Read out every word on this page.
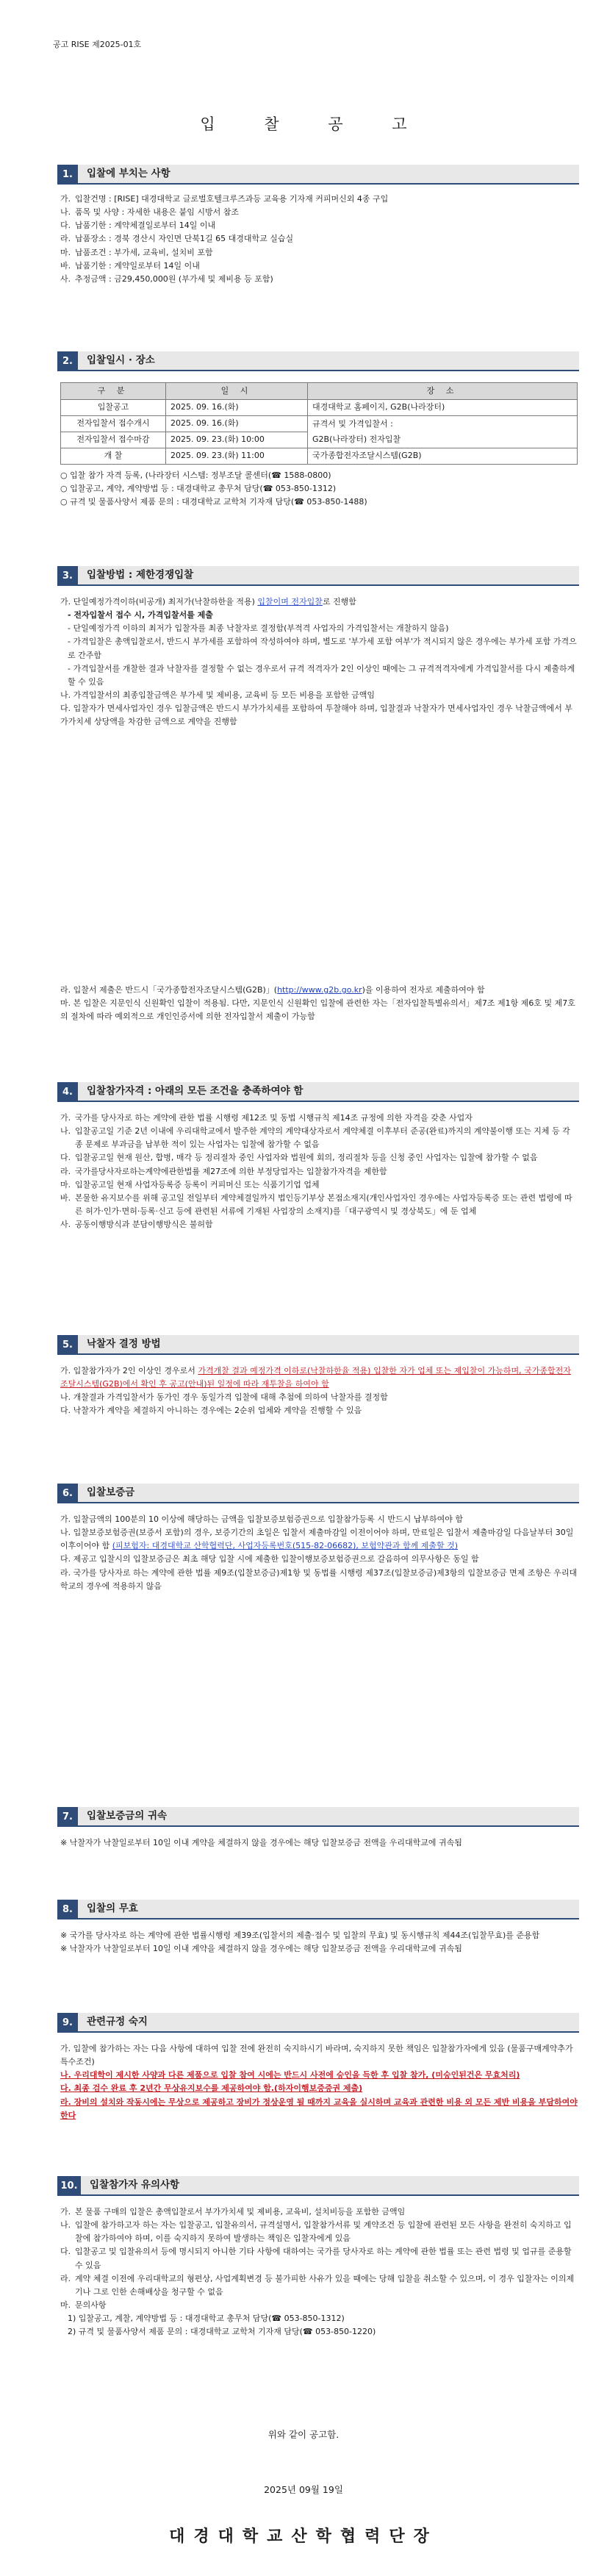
공고 RISE 제2025-01호
입 찰 공 고
1.	입찰에 부치는 사항
가. 입찰건명 : [RISE] 대경대학교 글로벌호텔크루즈과등 교육용 기자재 커피머신외 4종 구입
나. 품목 및 사양 : 자세한 내용은 붙임 시방서 참조
다. 납품기한 : 계약체결일로부터 14일 이내
라. 납품장소 : 경북 경산시 자인면 단북1길 65 대경대학교 실습실
마. 납품조건 : 부가세, 교육비, 설치비 포함
바. 납품기한 : 계약일로부터 14일 이내
사. 추정금액 : 금29,450,000원 (부가세 및 제비용 등 포함)
2.	입찰일시 · 장소
구 분	일 시	장 소
입찰공고	2025. 09. 16.(화)	대경대학교 홈페이지, G2B(나라장터)
전자입찰서 접수개시	2025. 09. 16.(화)	규격서 및 가격입찰서 :
전자입찰서 접수마감	2025. 09. 23.(화) 10:00	G2B(나라장터) 전자입찰
개 찰	2025. 09. 23.(화) 11:00	국가종합전자조달시스템(G2B)

○ 입찰 참가 자격 등록, (나라장터 시스템: 정부조달 콜센터(☎ 1588-0800)

○ 입찰공고, 계약, 계약방법 등 : 대경대학교 총무처 담당(☎ 053-850-1312)

○ 규격 및 물품사양서 제품 문의 : 대경대학교 교학처 기자재 담당(☎ 053-850-1488)

3.	입찰방법 : 제한경쟁입찰

가. 단일예정가격이하(비공개) 최저가(낙찰하한율 적용) 입찰이며 전자입찰로 진행함

- 전자입찰서 접수 시, 가격입찰서를 제출

- 단일예정가격 이하의 최저가 입찰자를 최종 낙찰자로 결정함(부적격 사업자의 가격입찰서는 개찰하지 않음)

- 가격입찰은 총액입찰로서, 반드시 부가세를 포함하여 작성하여야 하며, 별도로 '부가세 포함 여부'가 적시되지 않은 경우에는 부가세 포함 가격으로 간주함

- 가격입찰서를 개찰한 결과 낙찰자를 결정할 수 없는 경우로서 규격 적격자가 2인 이상인 때에는 그 규격적격자에게 가격입찰서를 다시 제출하게 할 수 있음

나. 가격입찰서의 최종입찰금액은 부가세 및 제비용, 교육비 등 모든 비용을 포함한 금액임

다. 입찰자가 면세사업자인 경우 입찰금액은 반드시 부가가치세를 포함하여 투찰해야 하며, 입찰결과 낙찰자가 면세사업자인 경우 낙찰금액에서 부가가치세 상당액을 차감한 금액으로 계약을 진행함

라. 입찰서 제출은 반드시「국가종합전자조달시스템(G2B)」(http://www.g2b.go.kr)을 이용하여 전자로 제출하여야 함

마. 본 입찰은 지문인식 신원확인 입찰이 적용됨. 다만, 지문인식 신원확인 입찰에 관련한 자는「전자입찰특별유의서」제7조 제1항 제6호 및 제7호의 절차에 따라 예외적으로 개인인증서에 의한 전자입찰서 제출이 가능함

4.	입찰참가자격 : 아래의 모든 조건을 충족하여야 함
가. 국가를 당사자로 하는 계약에 관한 법률 시행령 제12조 및 동법 시행규칙 제14조 규정에 의한 자격을 갖춘 사업자
나. 입찰공고일 기준 2년 이내에 우리대학교에서 발주한 계약의 계약대상자로서 계약체결 이후부터 준공(완료)까지의 계약불이행 또는 지체 등 각종 문제로 부과금을 납부한 적이 있는 사업자는 입찰에 참가할 수 없음
다. 입찰공고일 현재 원산, 합병, 매각 등 정리절차 중인 사업자와 법원에 회의, 정리절차 등을 신청 중인 사업자는 입찰에 참가할 수 없음
라. 국가를당사자로하는계약에관한법률 제27조에 의한 부정당업자는 입찰참가자격을 제한함
마. 입찰공고일 현재 사업자등록증 등록이 커피머신 또는 식품기기업 업체
바. 본물한 유지보수를 위해 공고일 전일부터 계약체결일까지 법인등기부상 본점소재지(개인사업자인 경우에는 사업자등록증 또는 관련 법령에 따른 허가·인가·면허·등록·신고 등에 관련된 서류에 기재된 사업장의 소재지)를「대구광역시 및 경상북도」에 둔 업체
사. 공동이행방식과 분담이행방식은 불허함
5.	낙찰자 결정 방법

가. 입찰참가자가 2인 이상인 경우로서 가격개찰 결과 예정가격 이하로(낙찰하한율 적용) 입찰한 자가 업체 또는 제입찰이 가능하며, 국가종합전자조달시스템(G2B)에서 확인 후 공고(안내)된 일정에 따라 재투찰을 하여야 함

나. 개찰결과 가격입찰서가 동가인 경우 동일가격 입찰에 대해 추첨에 의하여 낙찰자를 결정함

다. 낙찰자가 계약을 체결하지 아니하는 경우에는 2순위 업체와 계약을 진행할 수 있음

6.	입찰보증금

가. 입찰금액의 100분의 10 이상에 해당하는 금액을 입찰보증보험증권으로 입찰참가등록 시 반드시 납부하여야 함

나. 입찰보증보험증권(보증서 포함)의 경우, 보증기간의 초일은 입찰서 제출마감일 이전이어야 하며, 만료일은 입찰서 제출마감일 다음날부터 30일 이후이어야 함 (피보험자: 대경대학교 산학협력단, 사업자등록번호(515-82-06682), 보험약관과 함께 제출할 것)

다. 제공고 입찰시의 입찰보증금은 최초 해당 입찰 시에 제출한 입찰이행보증보험증권으로 갈음하여 의무사항은 동일 함

라. 국가를 당사자로 하는 계약에 관한 법률 제9조(입찰보증금)제1항 및 동법률 시행령 제37조(입찰보증금)제3항의 입찰보증금 면제 조항은 우리대학교의 경우에 적용하지 않음

7.	입찰보증금의 귀속

※ 낙찰자가 낙찰일로부터 10일 이내 계약을 체결하지 않을 경우에는 해당 입찰보증금 전액을 우리대학교에 귀속됨

8.	입찰의 무효

※ 국가를 당사자로 하는 계약에 관한 법률시행령 제39조(입찰서의 제출·접수 및 입찰의 무효) 및 동시행규칙 제44조(입찰무효)를 준용함

※ 낙찰자가 낙찰일로부터 10일 이내 계약을 체결하지 않을 경우에는 해당 입찰보증금 전액을 우리대학교에 귀속됨

9.	관련규정 숙지

가. 입찰에 참가하는 자는 다음 사항에 대하여 입찰 전에 완전히 숙지하시기 바라며, 숙지하지 못한 책임은 입찰참가자에게 있음 (물품구매계약추가특수조건)

나. 우리대학이 제시한 사양과 다른 제품으로 입찰 참여 시에는 반드시 사전에 승인을 득한 후 입찰 참가, (미승인된건은 무효처리)

다. 최종 검수 완료 후 2년간 무상유지보수를 제공하여야 함.(하자이행보증증권 제출)

라. 장비의 설치와 작동시에는 무상으로 제공하고 장비가 정상운영 될 때까지 교육을 실시하며 교육과 관련한 비용 외 모든 제반 비용을 부담하여야 한다

10.	입찰참가자 유의사항
가. 본 물품 구매의 입찰은 총액입찰로서 부가가치세 및 제비용, 교육비, 설치비등을 포함한 금액임
나. 입찰에 참가하고자 하는 자는 입찰공고, 입찰유의서, 규격설명서, 입찰참가서류 및 계약조건 등 입찰에 관련된 모든 사항을 완전히 숙지하고 입찰에 참가하여야 하며, 이를 숙지하지 못하여 발생하는 책임은 입찰자에게 있음
다. 입찰공고 및 입찰유의서 등에 명시되지 아니한 기타 사항에 대하여는 국가를 당사자로 하는 계약에 관한 법률 또는 관련 법령 및 업규를 준용할 수 있음
라. 계약 체결 이전에 우리대학교의 형편상, 사업계획변경 등 불가피한 사유가 있을 때에는 당해 입찰을 취소할 수 있으며, 이 경우 입찰자는 이의제기나 그로 인한 손해배상을 청구할 수 없음
마. 문의사항

1) 입찰공고, 계찰, 계약방법 등 : 대경대학교 총무처 담당(☎ 053-850-1312)

2) 규격 및 물품사양서 제품 문의 : 대경대학교 교학처 기자재 담당(☎ 053-850-1220)

위와 같이 공고함.
2025년 09월 19일
대경대학교산학협력단장
